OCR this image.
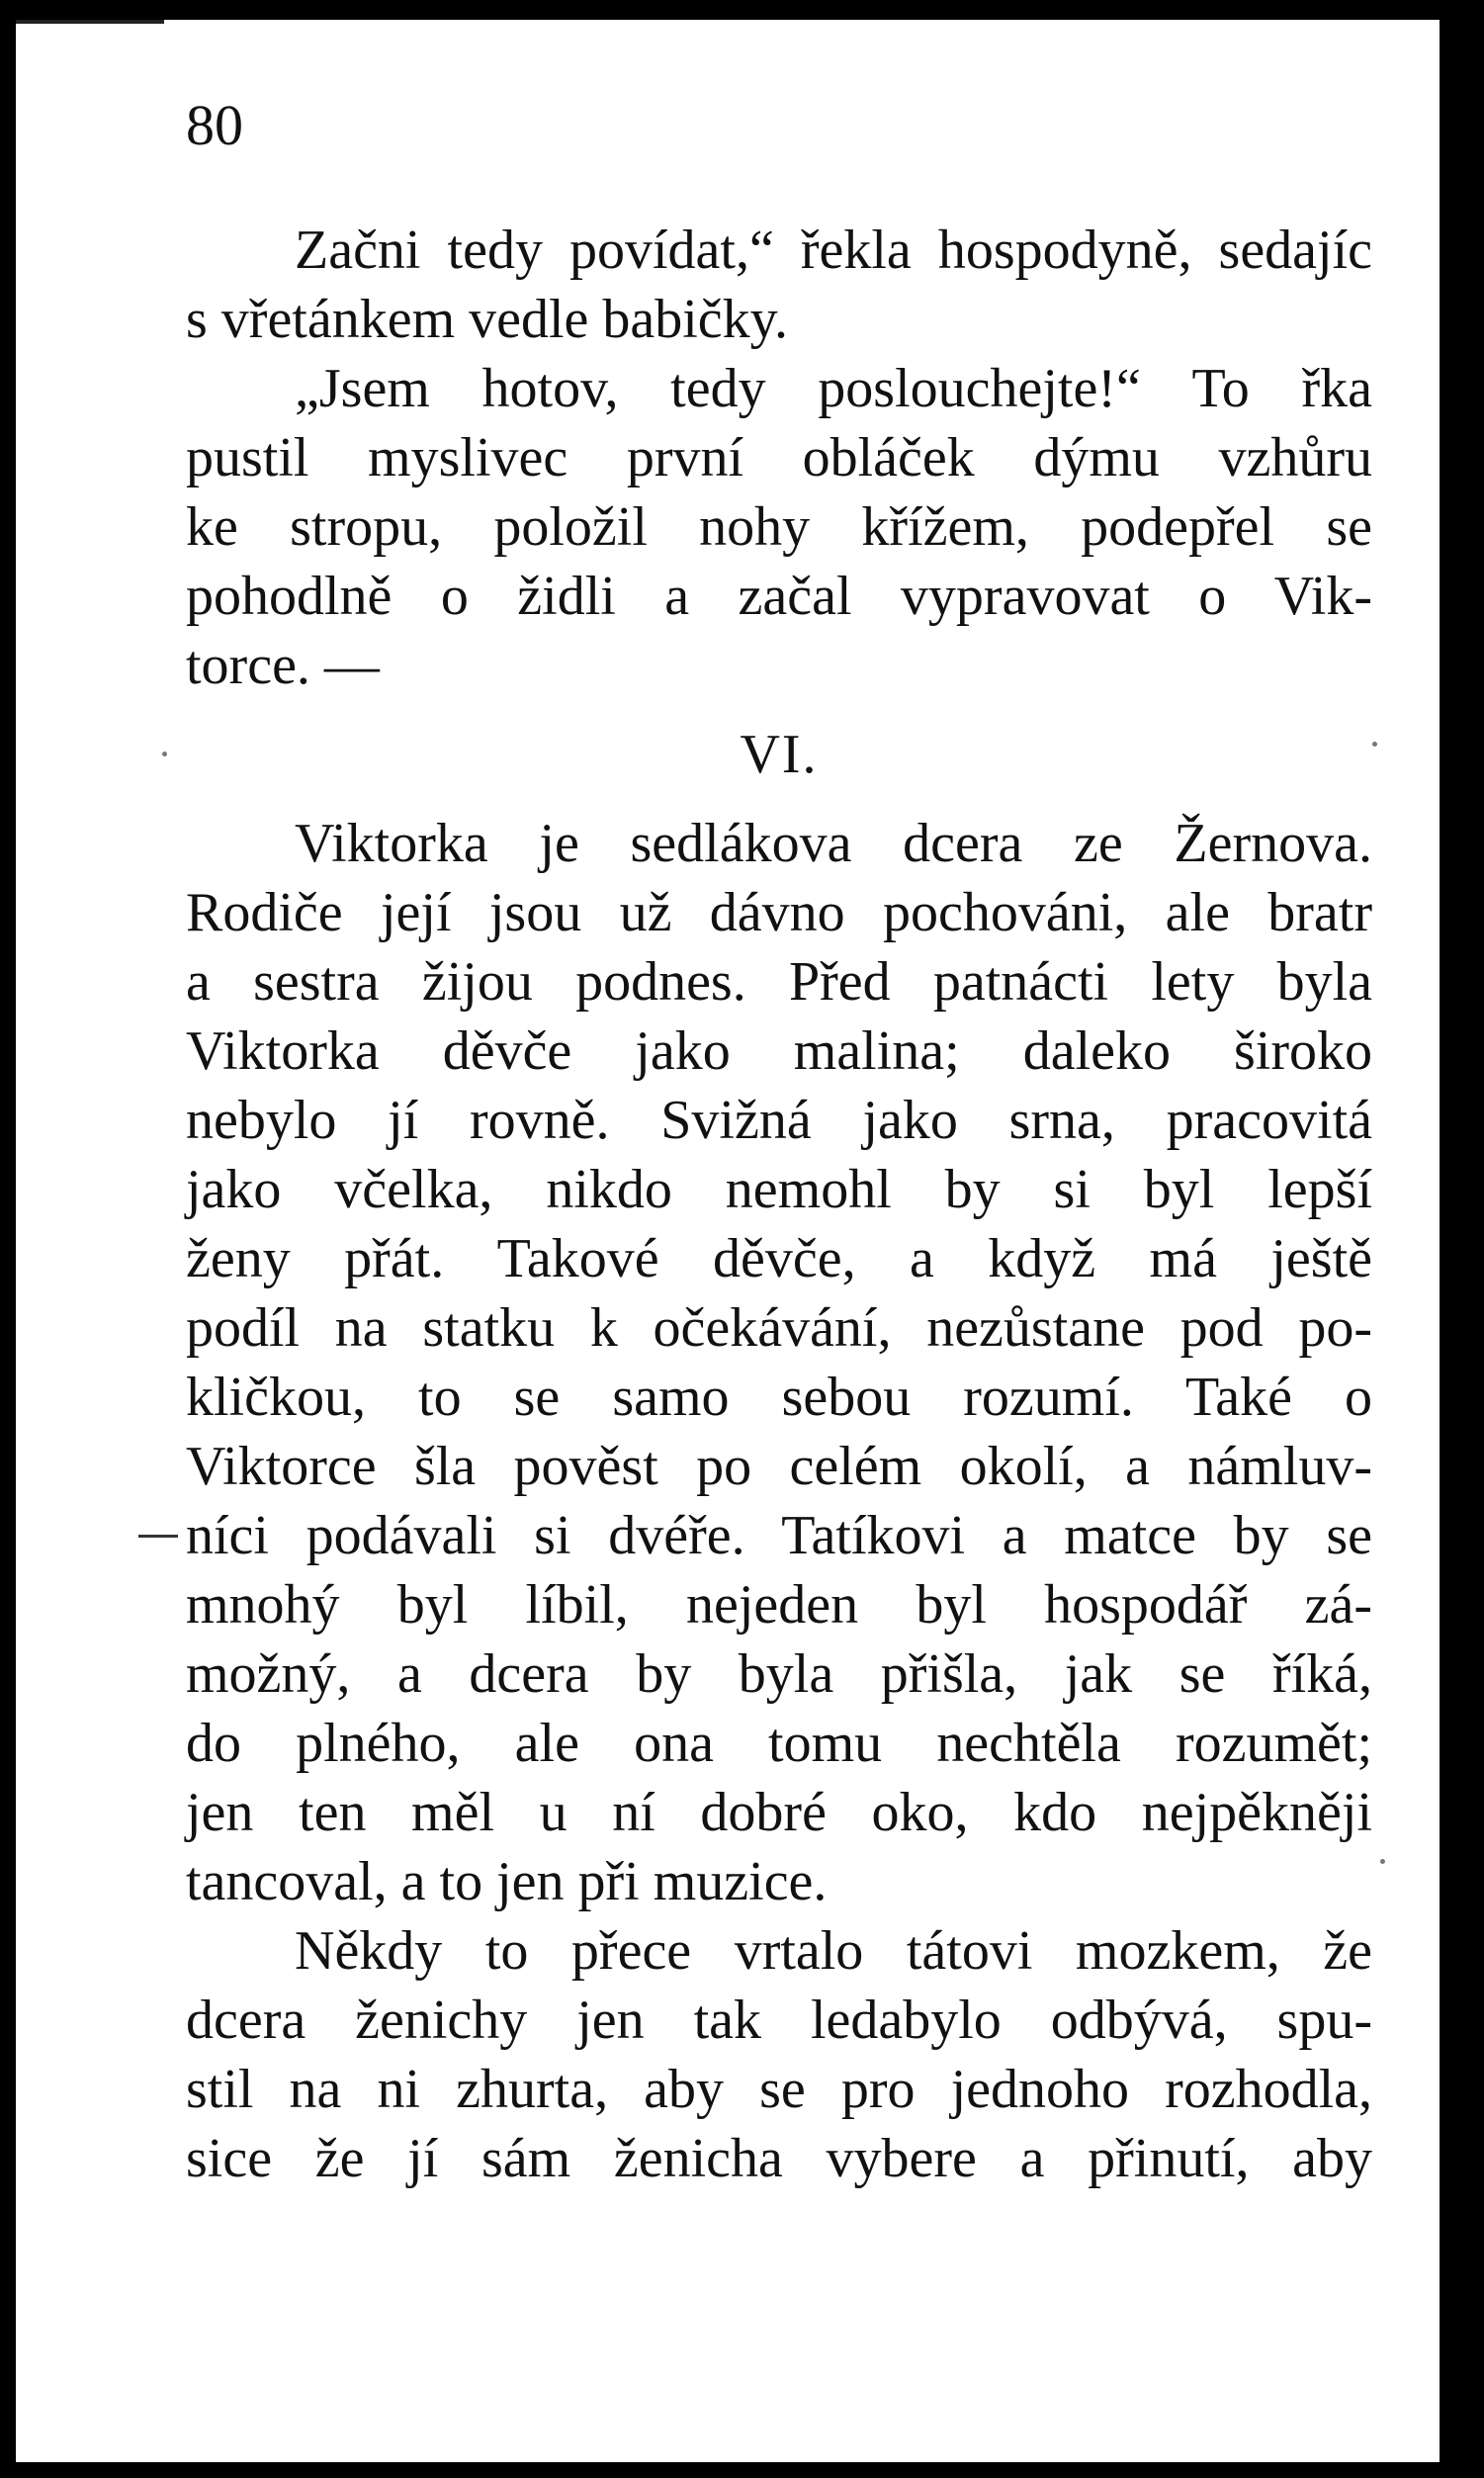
80
Začni tedy povídat,“ řekla hospodyně, sedajíc
s vřetánkem vedle babičky.
„Jsem hotov, tedy poslouchejte!“ To řka
pustil myslivec první obláček dýmu vzhůru
ke stropu, položil nohy křížem, podepřel se
pohodlně o židli a začal vypravovat o Vik-
torce. —
VI.
Viktorka je sedlákova dcera ze Žernova.
Rodiče její jsou už dávno pochováni, ale bratr
a sestra žijou podnes. Před patnácti lety byla
Viktorka děvče jako malina; daleko široko
nebylo jí rovně. Svižná jako srna, pracovitá
jako včelka, nikdo nemohl by si byl lepší
ženy přát. Takové děvče, a když má ještě
podíl na statku k očekávání, nezůstane pod po-
kličkou, to se samo sebou rozumí. Také o
Viktorce šla pověst po celém okolí, a námluv-
níci podávali si dvéře. Tatíkovi a matce by se
mnohý byl líbil, nejeden byl hospodář zá-
možný, a dcera by byla přišla, jak se říká,
do plného, ale ona tomu nechtěla rozumět;
jen ten měl u ní dobré oko, kdo nejpěkněji
tancoval, a to jen při muzice.
Někdy to přece vrtalo tátovi mozkem, že
dcera ženichy jen tak ledabylo odbývá, spu-
stil na ni zhurta, aby se pro jednoho rozhodla,
sice že jí sám ženicha vybere a přinutí, aby
